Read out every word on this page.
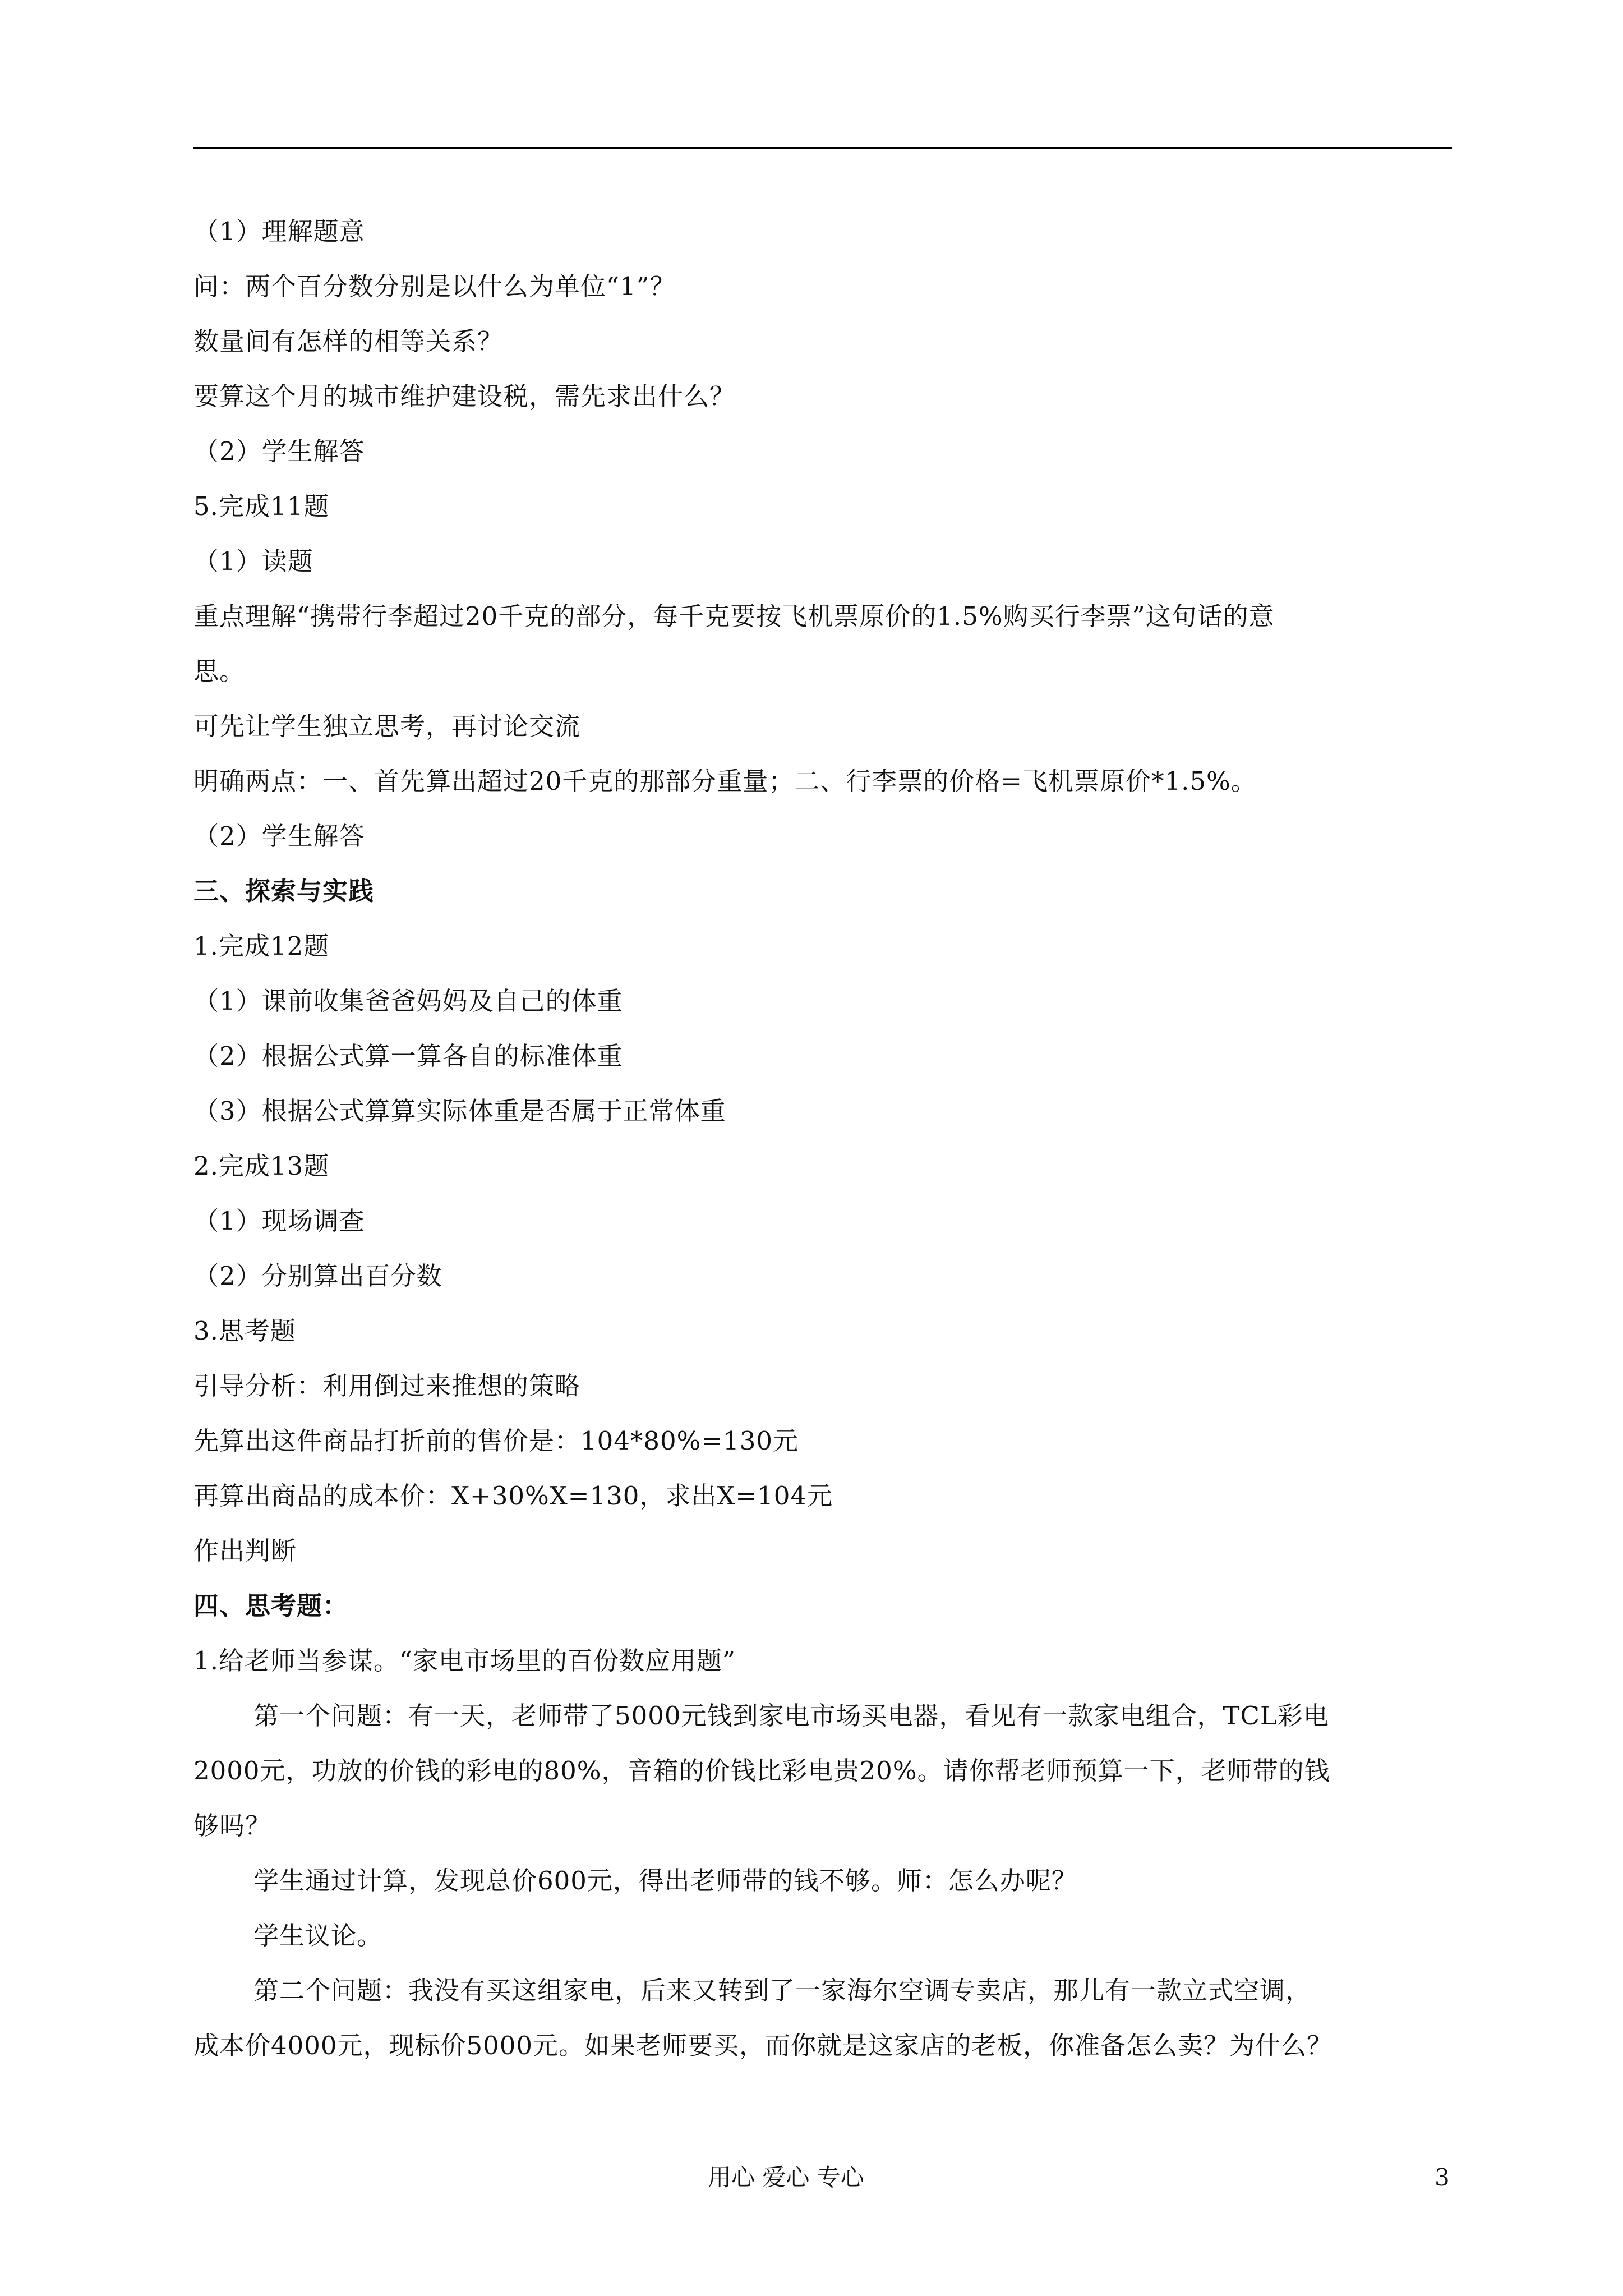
（1）理解题意
问：两个百分数分别是以什么为单位“1”？
数量间有怎样的相等关系？
要算这个月的城市维护建设税，需先求出什么？
（2）学生解答
5.完成11题
（1）读题
重点理解“携带行李超过20千克的部分，每千克要按飞机票原价的1.5%购买行李票”这句话的意
思。
可先让学生独立思考，再讨论交流
明确两点：一、首先算出超过20千克的那部分重量；二、行李票的价格=飞机票原价*1.5%。
（2）学生解答
三、探索与实践
1.完成12题
（1）课前收集爸爸妈妈及自己的体重
（2）根据公式算一算各自的标准体重
（3）根据公式算算实际体重是否属于正常体重
2.完成13题
（1）现场调查
（2）分别算出百分数
3.思考题
引导分析：利用倒过来推想的策略
先算出这件商品打折前的售价是：104*80%=130元
再算出商品的成本价：X+30%X=130，求出X=104元
作出判断
四、思考题：
1.给老师当参谋。“家电市场里的百份数应用题”
第一个问题：有一天，老师带了5000元钱到家电市场买电器，看见有一款家电组合，TCL彩电
2000元，功放的价钱的彩电的80%，音箱的价钱比彩电贵20%。请你帮老师预算一下，老师带的钱
够吗？
学生通过计算，发现总价600元，得出老师带的钱不够。师：怎么办呢？
学生议论。
第二个问题：我没有买这组家电，后来又转到了一家海尔空调专卖店，那儿有一款立式空调，
成本价4000元，现标价5000元。如果老师要买，而你就是这家店的老板，你准备怎么卖？为什么？
用心 爱心 专心	3
